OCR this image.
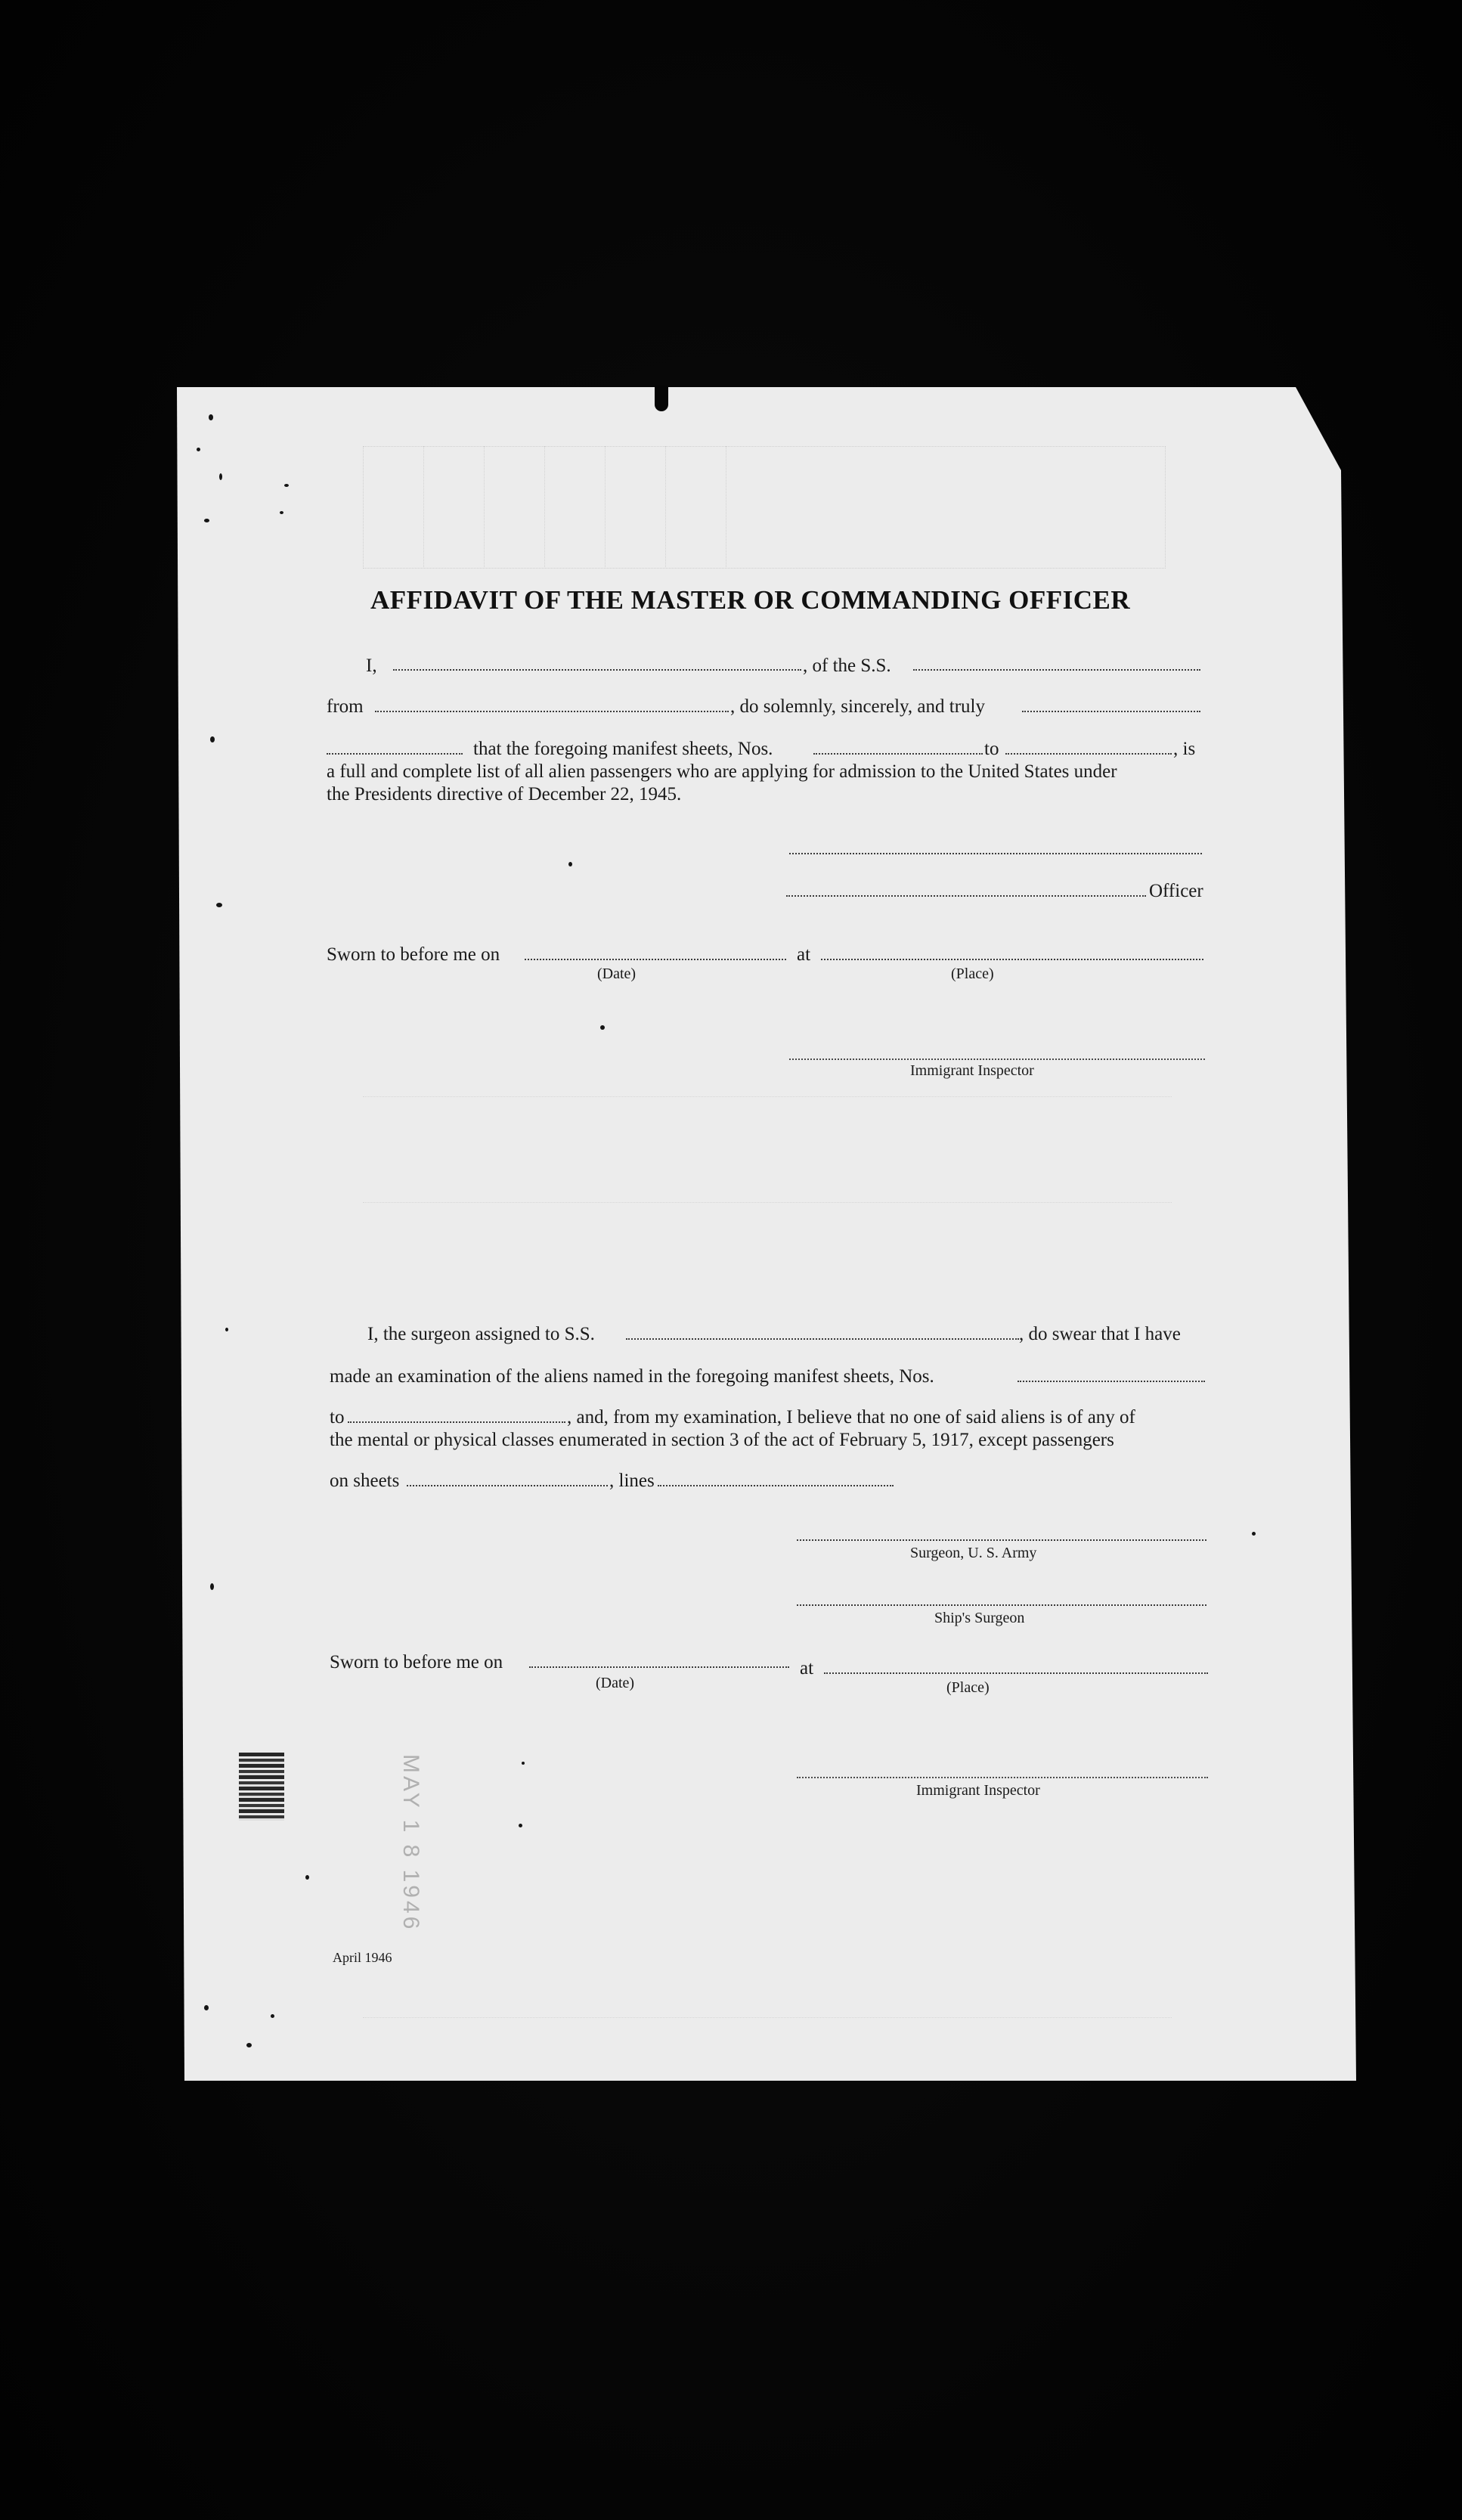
AFFIDAVIT OF THE MASTER OR COMMANDING OFFICER
I,	, of the S.S.
from	, do solemnly, sincerely, and truly
that the foregoing manifest sheets, Nos.	to	, is
a full and complete list of all alien passengers who are applying for admission to the United States under
the Presidents directive of December 22, 1945.
Officer
Sworn to before me on	at
(Date)	(Place)
Immigrant Inspector
I, the surgeon assigned to S.S.	, do swear that I have
made an examination of the aliens named in the foregoing manifest sheets, Nos.
to	, and, from my examination, I believe that no one of said aliens is of any of
the mental or physical classes enumerated in section 3 of the act of February 5, 1917, except passengers
on sheets	, lines
Surgeon, U. S. Army
Ship's Surgeon
Sworn to before me on	at
(Date)	(Place)
Immigrant Inspector
April 1946
MAY 1 8 1946
